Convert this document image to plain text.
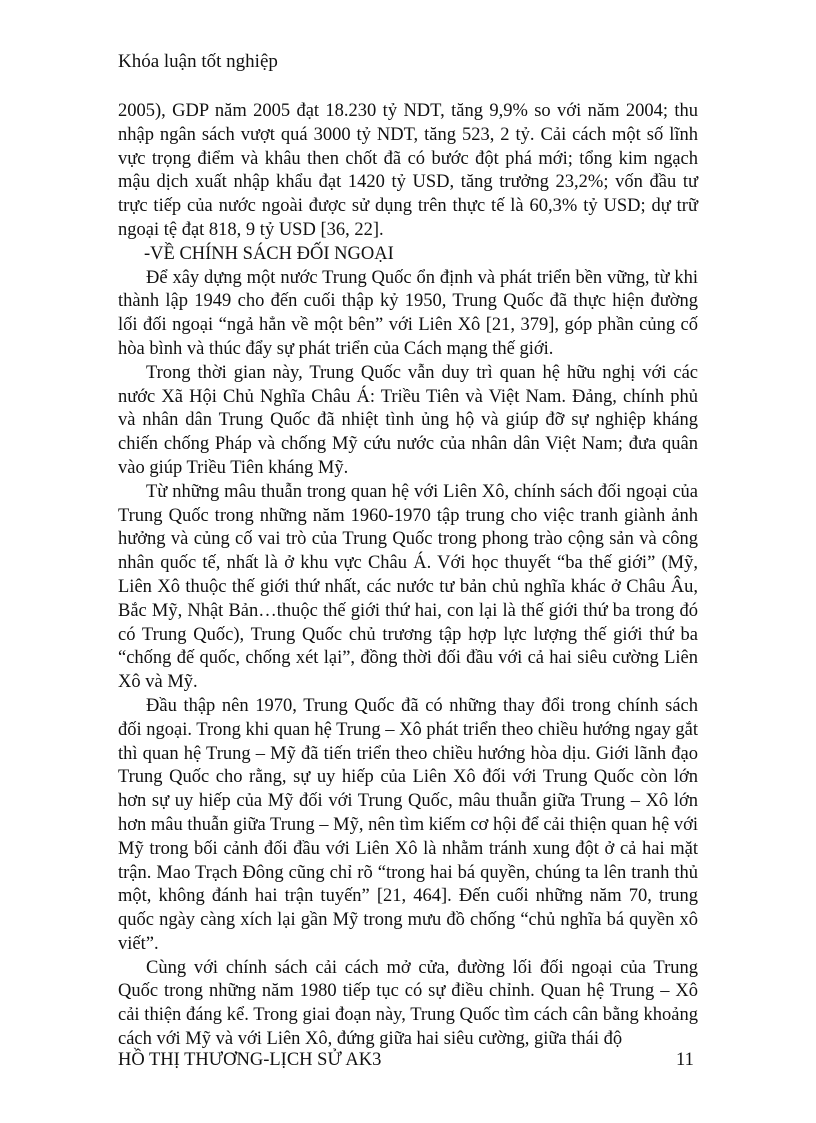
Khóa luận tốt nghiệp

2005), GDP năm 2005 đạt 18.230 tỷ NDT, tăng 9,9% so với năm 2004; thu nhập ngân sách vượt quá 3000 tỷ NDT, tăng 523, 2 tỷ. Cải cách một số lĩnh vực trọng điểm và khâu then chốt đã có bước đột phá mới; tổng kim ngạch mậu dịch xuất nhập khẩu đạt 1420 tỷ USD, tăng trưởng 23,2%; vốn đầu tư trực tiếp của nước ngoài được sử dụng trên thực tế là 60,3% tỷ USD; dự trữ ngoại tệ đạt 818, 9 tỷ USD [36, 22].

-VỀ CHÍNH SÁCH ĐỐI NGOẠI

Để xây dựng một nước Trung Quốc ổn định và phát triển bền vững, từ khi thành lập 1949 cho đến cuối thập kỷ 1950, Trung Quốc đã thực hiện đường lối đối ngoại “ngả hẳn về một bên” với Liên Xô [21, 379], góp phần củng cố hòa bình và thúc đẩy sự phát triển của Cách mạng thế giới.

Trong thời gian này, Trung Quốc vẫn duy trì quan hệ hữu nghị với các nước Xã Hội Chủ Nghĩa Châu Á: Triều Tiên và Việt Nam. Đảng, chính phủ và nhân dân Trung Quốc đã nhiệt tình ủng hộ và giúp đỡ sự nghiệp kháng chiến chống Pháp và chống Mỹ cứu nước của nhân dân Việt Nam; đưa quân vào giúp Triều Tiên kháng Mỹ.

Từ những mâu thuẫn trong quan hệ với Liên Xô, chính sách đối ngoại của Trung Quốc trong những năm 1960-1970 tập trung cho việc tranh giành ảnh hưởng và củng cố vai trò của Trung Quốc trong phong trào cộng sản và công nhân quốc tế, nhất là ở khu vực Châu Á. Với học thuyết “ba thế giới” (Mỹ, Liên Xô thuộc thế giới thứ nhất, các nước tư bản chủ nghĩa khác ở Châu Âu, Bắc Mỹ, Nhật Bản…thuộc thế giới thứ hai, con lại là thế giới thứ ba trong đó có Trung Quốc), Trung Quốc chủ trương tập hợp lực lượng thế giới thứ ba “chống đế quốc, chống xét lại”, đồng thời đối đầu với cả hai siêu cường Liên Xô và Mỹ.

Đầu thập nên 1970, Trung Quốc đã có những thay đổi trong chính sách đối ngoại. Trong khi quan hệ Trung – Xô phát triển theo chiều hướng ngay gắt thì quan hệ Trung – Mỹ đã tiến triển theo chiều hướng hòa dịu. Giới lãnh đạo Trung Quốc cho rằng, sự uy hiếp của Liên Xô đối với Trung Quốc còn lớn hơn sự uy hiếp của Mỹ đối với Trung Quốc, mâu thuẫn giữa Trung – Xô lớn hơn mâu thuẫn giữa Trung – Mỹ, nên tìm kiếm cơ hội để cải thiện quan hệ với Mỹ trong bối cảnh đối đầu với Liên Xô là nhằm tránh xung đột ở cả hai mặt trận. Mao Trạch Đông cũng chỉ rõ “trong hai bá quyền, chúng ta lên tranh thủ một, không đánh hai trận tuyến” [21, 464]. Đến cuối những năm 70, trung quốc ngày càng xích lại gần Mỹ trong mưu đồ chống “chủ nghĩa bá quyền xô viết”.

Cùng với chính sách cải cách mở cửa, đường lối đối ngoại của Trung Quốc trong những năm 1980 tiếp tục có sự điều chỉnh. Quan hệ Trung – Xô cải thiện đáng kể. Trong giai đoạn này, Trung Quốc tìm cách cân bằng khoảng cách với Mỹ và với Liên Xô, đứng giữa hai siêu cường, giữa thái độ

HỒ THỊ THƯƠNG-LỊCH SỬ AK3	11
